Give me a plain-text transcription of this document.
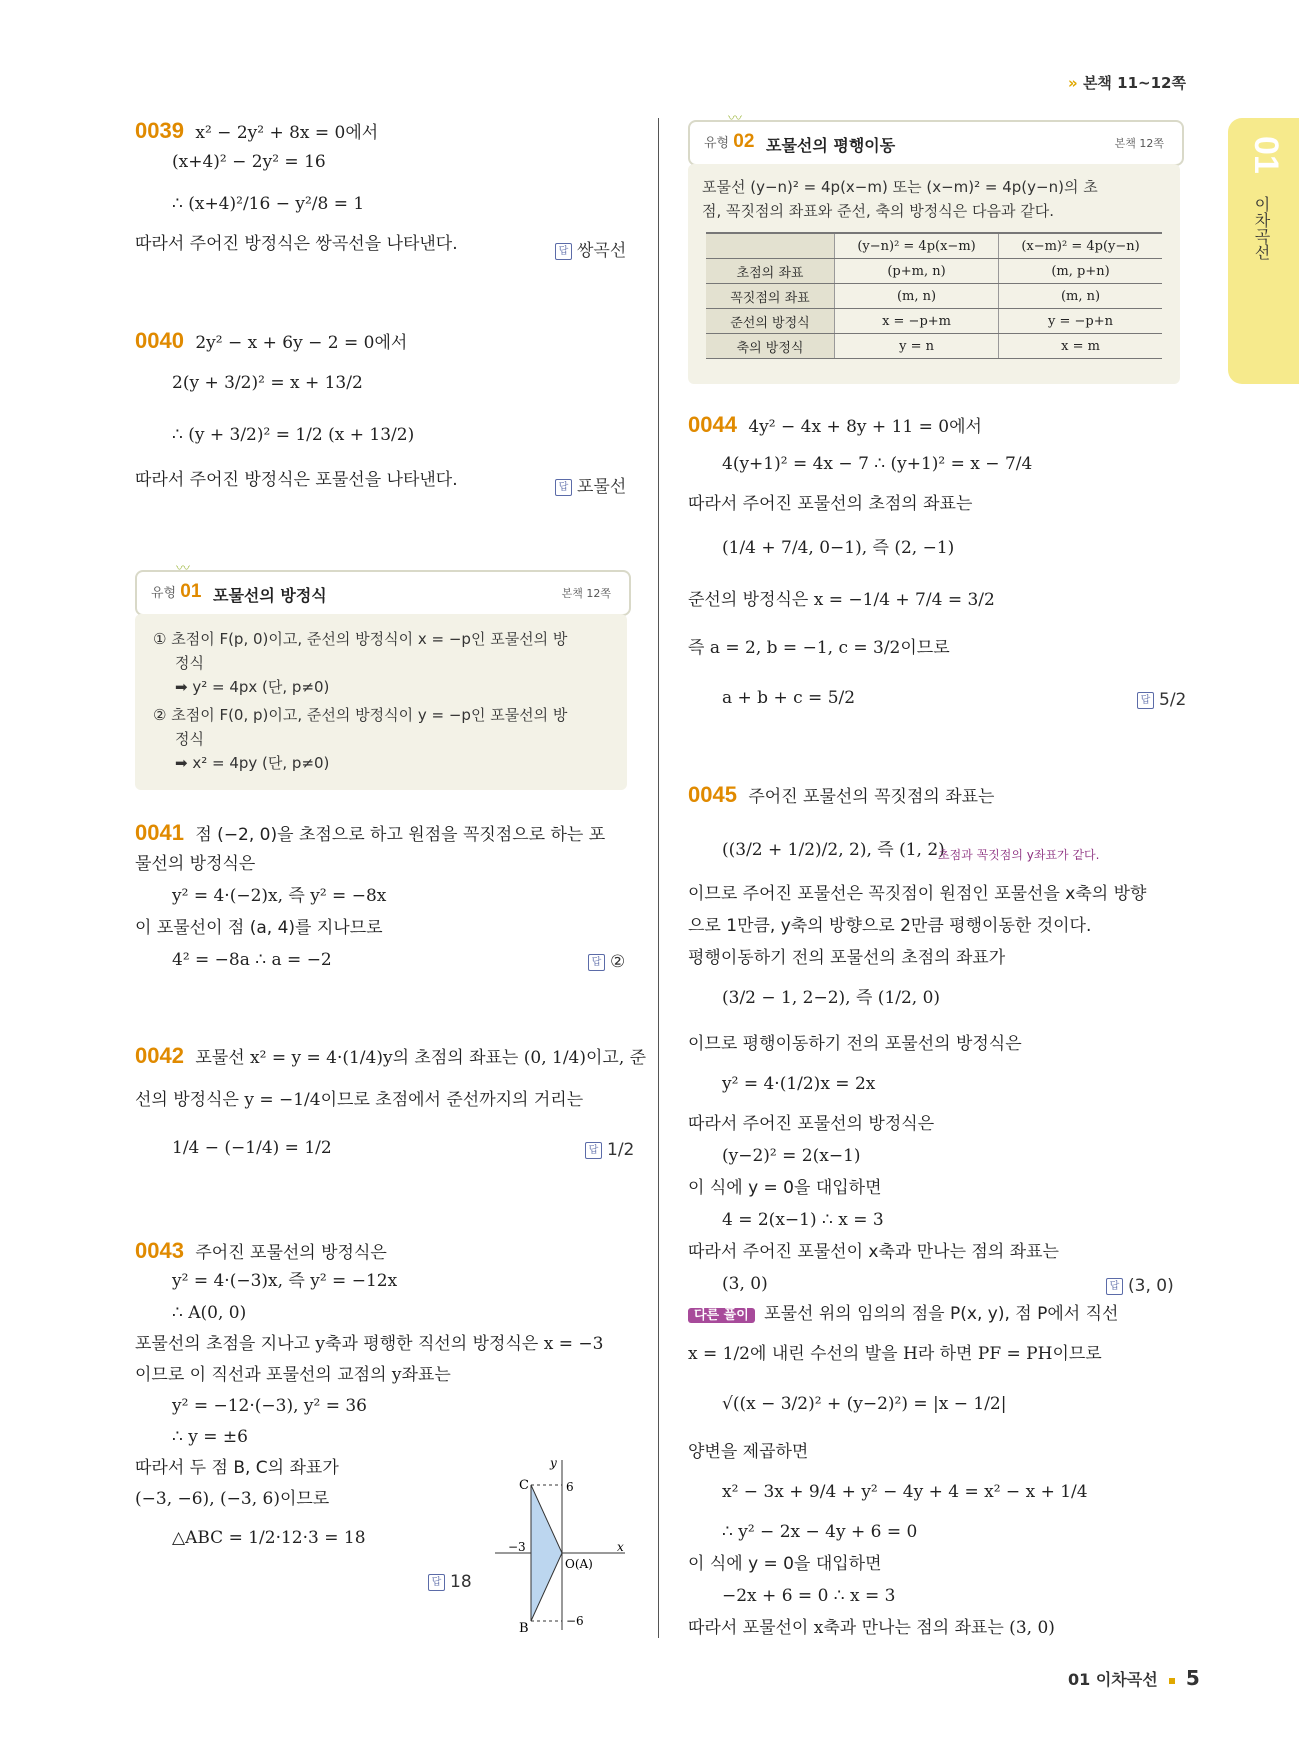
» 본책 11~12쪽
01
이차곡선
0039 x² − 2y² + 8x = 0에서
(x+4)² − 2y² = 16
∴ (x+4)²/16 − y²/8 = 1
따라서 주어진 방정식은 쌍곡선을 나타낸다.	답 쌍곡선
0040 2y² − x + 6y − 2 = 0에서
2(y + 3/2)² = x + 13/2
∴ (y + 3/2)² = 1/2 (x + 13/2)
따라서 주어진 방정식은 포물선을 나타낸다.	답 포물선
유형 01 포물선의 방정식	본책 12쪽
〰
① 초점이 F(p, 0)이고, 준선의 방정식이 x = −p인 포물선의 방
정식
➡ y² = 4px (단, p≠0)
② 초점이 F(0, p)이고, 준선의 방정식이 y = −p인 포물선의 방
정식
➡ x² = 4py (단, p≠0)
0041 점 (−2, 0)을 초점으로 하고 원점을 꼭짓점으로 하는 포
물선의 방정식은
y² = 4·(−2)x, 즉 y² = −8x
이 포물선이 점 (a, 4)를 지나므로
4² = −8a ∴ a = −2	답 ②
0042 포물선 x² = y = 4·(1/4)y의 초점의 좌표는 (0, 1/4)이고, 준
선의 방정식은 y = −1/4이므로 초점에서 준선까지의 거리는
1/4 − (−1/4) = 1/2	답 1/2
0043 주어진 포물선의 방정식은
y² = 4·(−3)x, 즉 y² = −12x
∴ A(0, 0)
포물선의 초점을 지나고 y축과 평행한 직선의 방정식은 x = −3
이므로 이 직선과 포물선의 교점의 y좌표는
y² = −12·(−3), y² = 36
∴ y = ±6
따라서 두 점 B, C의 좌표가
(−3, −6), (−3, 6)이므로
△ABC = 1/2·12·3 = 18
답 18
y
x
C
B
6
−6
−3
O(A)
유형 02 포물선의 평행이동	본책 12쪽
〰
포물선 (y−n)² = 4p(x−m) 또는 (x−m)² = 4p(y−n)의 초
점, 꼭짓점의 좌표와 준선, 축의 방정식은 다음과 같다.
	(y−n)² = 4p(x−m)	(x−m)² = 4p(y−n)
초점의 좌표	(p+m, n)	(m, p+n)
꼭짓점의 좌표	(m, n)	(m, n)
준선의 방정식	x = −p+m	y = −p+n
축의 방정식	y = n	x = m
0044 4y² − 4x + 8y + 11 = 0에서
4(y+1)² = 4x − 7 ∴ (y+1)² = x − 7/4
따라서 주어진 포물선의 초점의 좌표는
(1/4 + 7/4, 0−1), 즉 (2, −1)
준선의 방정식은 x = −1/4 + 7/4 = 3/2
즉 a = 2, b = −1, c = 3/2이므로
a + b + c = 5/2	답 5/2
0045 주어진 포물선의 꼭짓점의 좌표는
((3/2 + 1/2)/2, 2), 즉 (1, 2)
초점과 꼭짓점의 y좌표가 같다.
이므로 주어진 포물선은 꼭짓점이 원점인 포물선을 x축의 방향
으로 1만큼, y축의 방향으로 2만큼 평행이동한 것이다.
평행이동하기 전의 포물선의 초점의 좌표가
(3/2 − 1, 2−2), 즉 (1/2, 0)
이므로 평행이동하기 전의 포물선의 방정식은
y² = 4·(1/2)x = 2x
따라서 주어진 포물선의 방정식은
(y−2)² = 2(x−1)
이 식에 y = 0을 대입하면
4 = 2(x−1) ∴ x = 3
따라서 주어진 포물선이 x축과 만나는 점의 좌표는
(3, 0)	답 (3, 0)
다른 풀이 포물선 위의 임의의 점을 P(x, y), 점 P에서 직선
x = 1/2에 내린 수선의 발을 H라 하면 PF = PH이므로
√((x − 3/2)² + (y−2)²) = |x − 1/2|
양변을 제곱하면
x² − 3x + 9/4 + y² − 4y + 4 = x² − x + 1/4
∴ y² − 2x − 4y + 6 = 0
이 식에 y = 0을 대입하면
−2x + 6 = 0 ∴ x = 3
따라서 포물선이 x축과 만나는 점의 좌표는 (3, 0)
01 이차곡선 5
